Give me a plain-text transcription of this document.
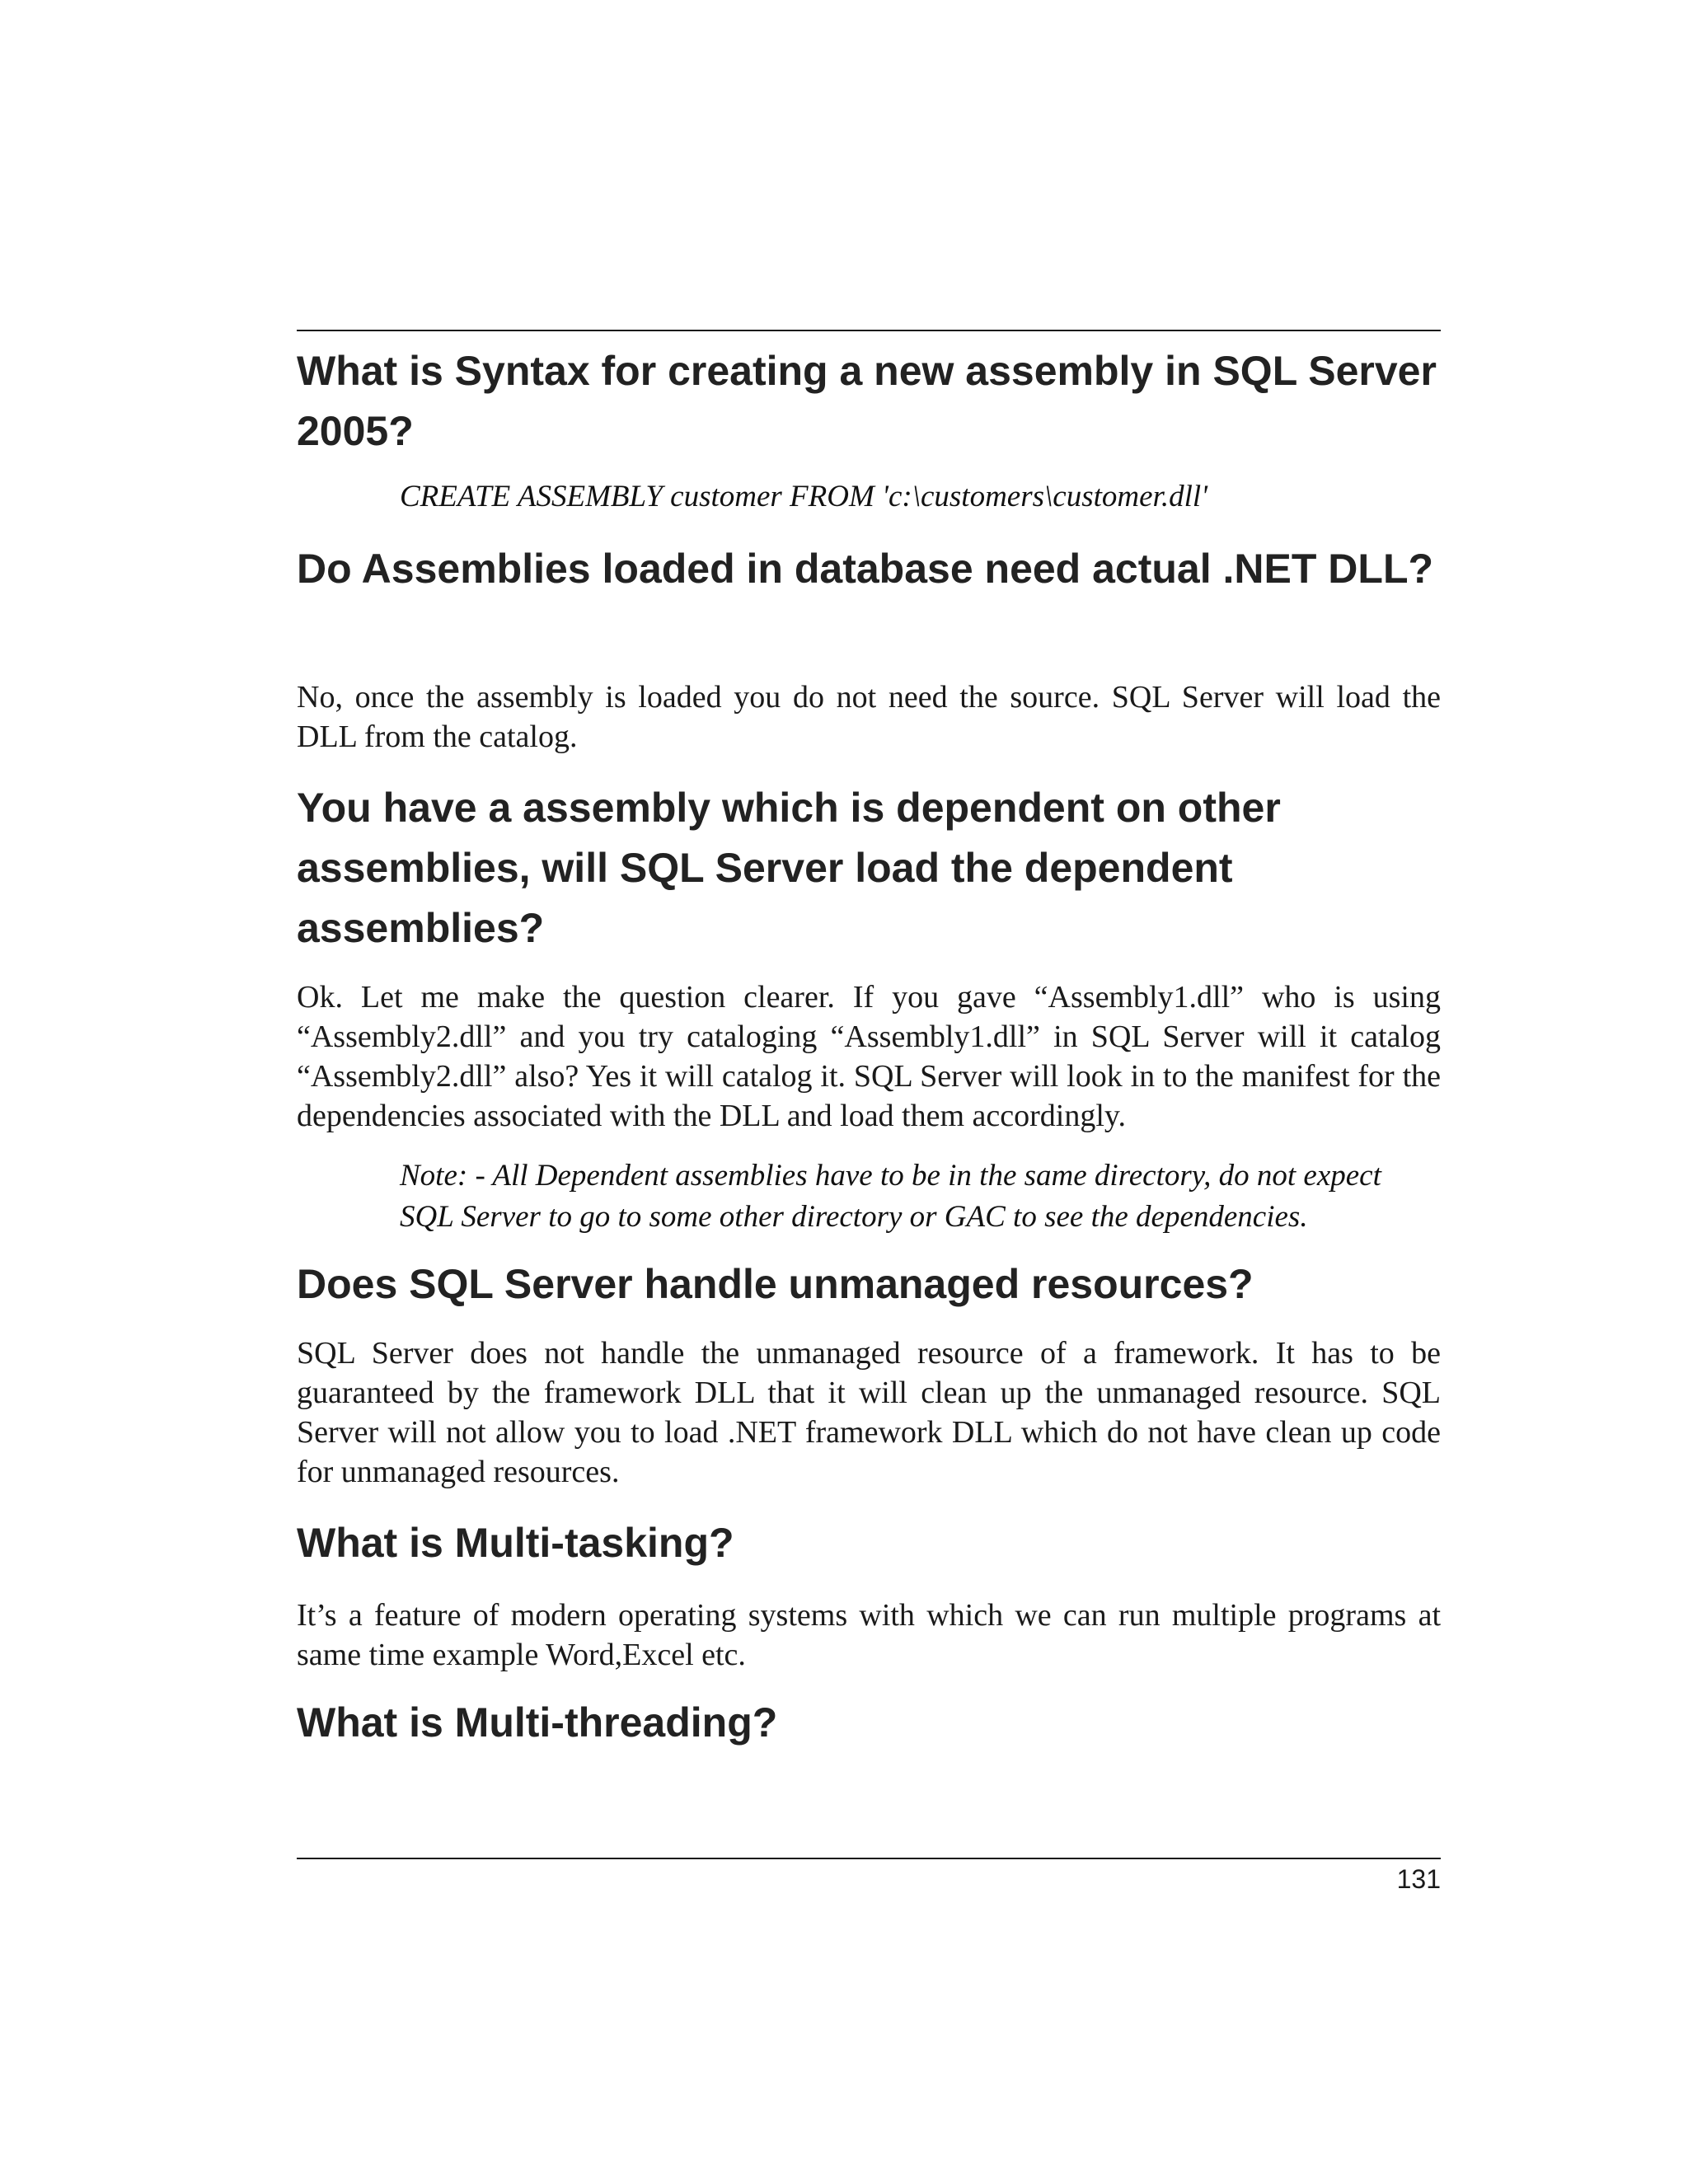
What is Syntax for creating a new assembly in SQL Server 2005?

CREATE ASSEMBLY customer FROM 'c:\customers\customer.dll'

Do Assemblies loaded in database need actual .NET DLL?

No, once the assembly is loaded you do not need the source. SQL Server will load the DLL from the catalog.

You have a assembly which is dependent on other assemblies, will SQL Server load the dependent assemblies?

Ok. Let me make the question clearer. If you gave “Assembly1.dll” who is using “Assembly2.dll” and you try cataloging “Assembly1.dll” in SQL Server will it catalog “Assembly2.dll” also? Yes it will catalog it. SQL Server will look in to the manifest for the dependencies associated with the DLL and load them accordingly.

Note: - All Dependent assemblies have to be in the same directory, do not expect SQL Server to go to some other directory or GAC to see the dependencies.

Does SQL Server handle unmanaged resources?

SQL Server does not handle the unmanaged resource of a framework. It has to be guaranteed by the framework DLL that it will clean up the unmanaged resource. SQL Server will not allow you to load .NET framework DLL which do not have clean up code for unmanaged resources.

What is Multi-tasking?

It’s a feature of modern operating systems with which we can run multiple programs at same time example Word,Excel etc.

What is Multi-threading?
131
